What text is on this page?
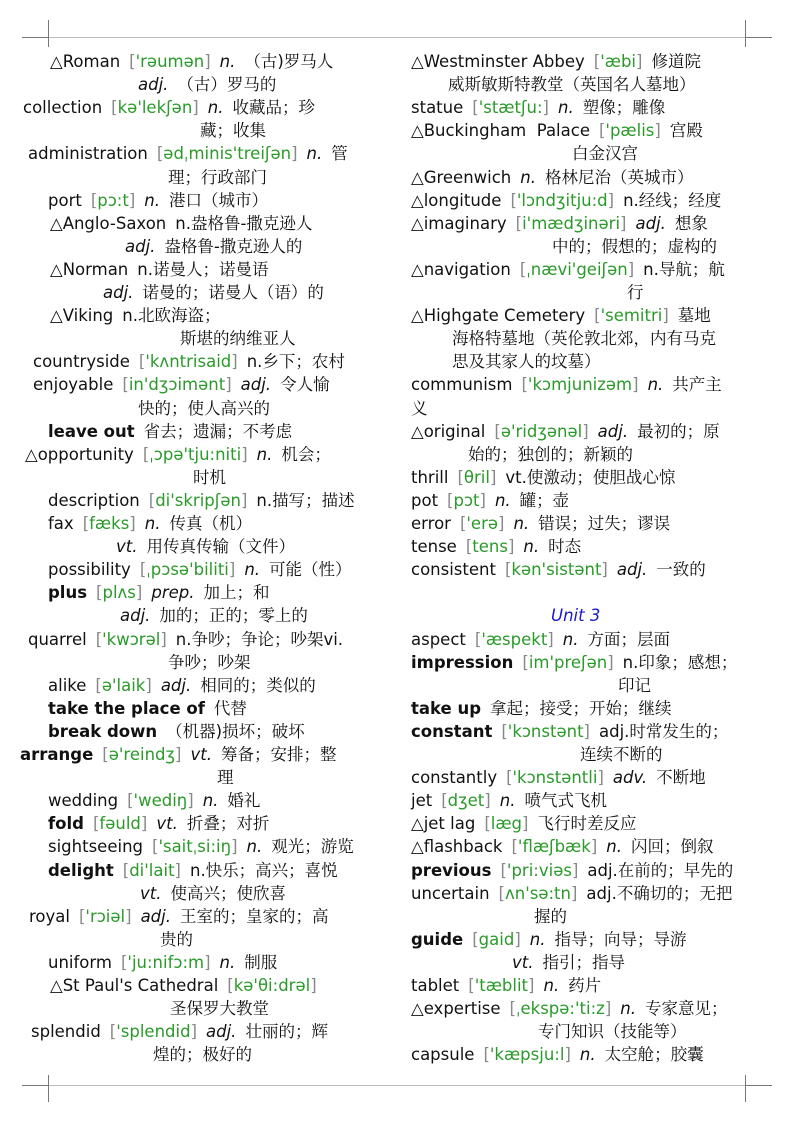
△Roman ['rəumən] n. （古)罗马人
adj. （古）罗马的
collection [kə'lekʃən] n. 收藏品；珍
藏；收集
administration [ədˌminis'treiʃən] n. 管
理；行政部门
port [pɔ:t] n. 港口（城市）
△Anglo-Saxon n.盎格鲁-撒克逊人
adj. 盎格鲁-撒克逊人的
△Norman n.诺曼人；诺曼语
adj. 诺曼的；诺曼人（语）的
△Viking n.北欧海盗；
斯堪的纳维亚人
countryside ['kʌntrisaid] n.乡下；农村
enjoyable [in'dʒɔimənt] adj. 令人愉
快的；使人高兴的
leave out 省去；遗漏；不考虑
△opportunity [ˌɔpə'tju:niti] n. 机会；
时机
description [di'skripʃən] n.描写；描述
fax [fæks] n. 传真（机）
vt. 用传真传输（文件）
possibility [ˌpɔsə'biliti] n. 可能（性）
plus [plʌs] prep. 加上；和
adj. 加的；正的；零上的
quarrel ['kwɔrəl] n.争吵；争论；吵架vi.
争吵；吵架
alike [ə'laik] adj. 相同的；类似的
take the place of 代替
break down （机器)损坏；破坏
arrange [ə'reindʒ] vt. 筹备；安排；整
理
wedding ['wediŋ] n. 婚礼
fold [fəuld] vt. 折叠；对折
sightseeing ['saitˌsi:iŋ] n. 观光；游览
delight [di'lait] n.快乐；高兴；喜悦
vt. 使高兴；使欣喜
royal ['rɔiəl] adj. 王室的；皇家的；高
贵的
uniform ['ju:nifɔ:m] n. 制服
△St Paul's Cathedral [kə'θi:drəl]
圣保罗大教堂
splendid ['splendid] adj. 壮丽的；辉
煌的；极好的
△Westminster Abbey ['æbi] 修道院
威斯敏斯特教堂（英国名人墓地）
statue ['stætʃu:] n. 塑像；雕像
△Buckingham  Palace ['pælis] 宫殿
白金汉宫
△Greenwich n. 格林尼治（英城市）
△longitude ['lɔndʒitju:d] n.经线；经度
△imaginary [i'mædʒinəri] adj. 想象
中的；假想的；虚构的
△navigation [ˌnævi'geiʃən] n.导航；航
行
△Highgate Cemetery ['semitri] 墓地
海格特墓地（英伦敦北郊，内有马克
思及其家人的坟墓）
communism ['kɔmjunizəm] n. 共产主
义
△original [ə'ridʒənəl] adj. 最初的；原
始的；独创的；新颖的
thrill [θril] vt.使激动；使胆战心惊
pot [pɔt] n. 罐；壶
error ['erə] n. 错误；过失；谬误
tense [tens] n. 时态
consistent [kən'sistənt] adj. 一致的
Unit 3
aspect ['æspekt] n. 方面；层面
impression [im'preʃən] n.印象；感想；
印记
take up 拿起；接受；开始；继续
constant ['kɔnstənt] adj.时常发生的；
连续不断的
constantly ['kɔnstəntli] adv. 不断地
jet [dʒet] n. 喷气式飞机
△jet lag [læg] 飞行时差反应
△flashback ['flæʃbæk] n. 闪回；倒叙
previous ['pri:viəs] adj.在前的；早先的
uncertain [ʌn'sə:tn] adj.不确切的；无把
握的
guide [gaid] n. 指导；向导；导游
vt. 指引；指导
tablet ['tæblit] n. 药片
△expertise [ˌekspə:'ti:z] n. 专家意见；
专门知识（技能等）
capsule ['kæpsju:l] n. 太空舱；胶囊
